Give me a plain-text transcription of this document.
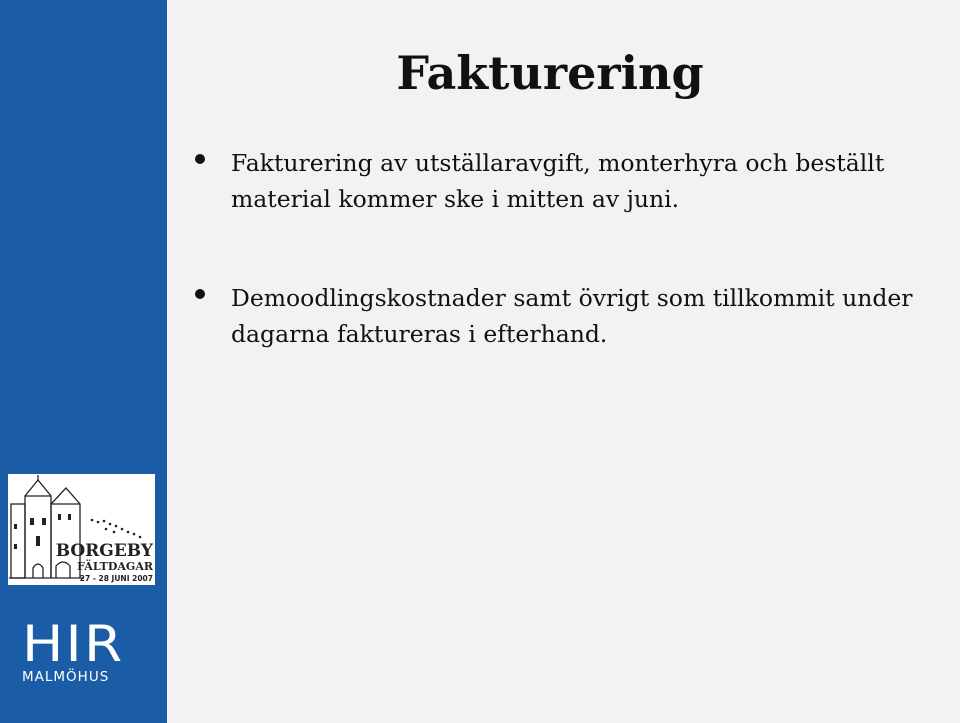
BORGEBY
FÄLTDAGAR
27 - 28 JUNI 2007
HIR
MALMÖHUS
Fakturering
Fakturering av utställaravgift, monterhyra och beställt material kommer ske i mitten av juni.
Demoodlingskostnader samt övrigt som tillkommit under dagarna faktureras i efterhand.
